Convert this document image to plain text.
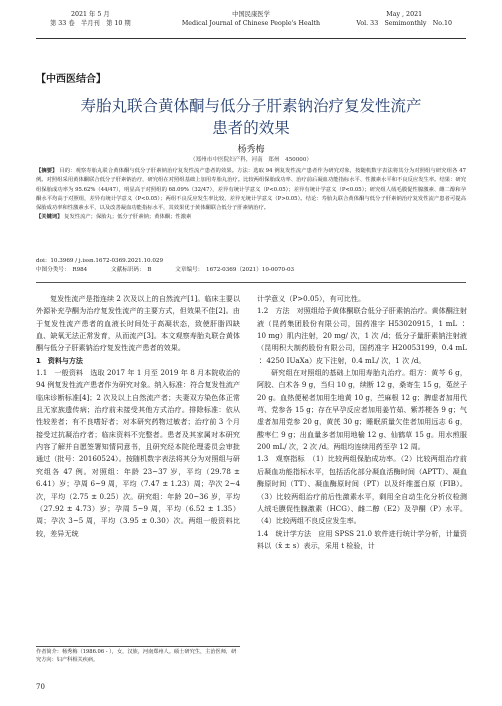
2021 年 5 月
第 33 卷　半月刊　第 10 期
中国民康医学
Medical Journal of Chinese People's Health
May , 2021
Vol. 33　Semimonthly　No.10
【中西医结合】
寿胎丸联合黄体酮与低分子肝素钠治疗复发性流产
患者的效果
杨秀梅
（郑州市中医院妇产科，河南　郑州　450000）
【摘要】 目的：观察寿胎丸联合黄体酮与低分子肝素钠治疗复发性流产患者的效果。方法：选取 94 例复发性流产患者作为研究对象，按随机数字表法将其分为对照组与研究组各 47 例。对照组采用黄体酮联合低分子肝素钠治疗，研究组在对照组基础上加用寿胎丸治疗。比较两组保胎成功率、治疗前后凝血功能指标水平、性激素水平和不良反应发生率。结果：研究组保胎成功率为 95.62%（44/47），明显高于对照组的 68.09%（32/47），差异有统计学意义（P<0.05）；差异有统计学意义（P<0.05）；研究组人绒毛膜促性腺激素、雌二醇和孕酮水平均高于对照组，差异有统计学意义（P<0.05）；两组不良反应发生率比较，差异无统计学意义（P>0.05）。结论：寿胎丸联合黄体酮与低分子肝素钠治疗复发性流产患者可提高保胎成功率和性激素水平，以及改善凝血功能指标水平，其效果优于黄体酮联合低分子肝素钠治疗。
【关键词】 复发性流产；保胎丸；低分子肝素钠；黄体酮；性激素
doi：10.3969 / j.issn.1672-0369.2021.10.029
中图分类号：　R984	文献标识码：　B	文章编号：　1672-0369（2021）10-0070-03

复发性流产是指连续 2 次及以上的自然流产[1]。临床主要以外源补充孕酮为治疗复发性流产的主要方式，但效果不佳[2]。由于复发性流产患者的血液长时间处于高凝状态，致使肝脂四缺血、缺氧无法正常发育，从而流产[3]。本文观察寿胎丸联合黄体酮与低分子肝素钠治疗复发性流产患者的效果。

1　资料与方法

1.1　一般资料　选取 2017 年 1 月至 2019 年 8 月本院收治的 94 例复发性流产患者作为研究对象。纳入标准：符合复发性流产临床诊断标准[4]；2 次及以上自然流产者；夫妻双方染色体正常且无家族遗传病；治疗前未接受其他方式治疗。排除标准：依从性较差者；有不良嗜好者；对本研究药物过敏者；治疗前 3 个月接受过抗凝治疗者；临床资料不完整者。患者及其家属对本研究内容了解并自愿签署知情同意书，且研究经本院伦理委员会审批通过（批号：20160524）。按随机数字表法将其分为对照组与研究组各 47 例。对照组：年龄 23~37 岁，平均（29.78 ± 6.41）岁；孕周 6~9 周，平均（7.47 ± 1.23）周；孕次 2~4 次，平均（2.75 ± 0.25）次。研究组：年龄 20~36 岁，平均（27.92 ± 4.73）岁；孕周 5~9 周，平均（6.52 ± 1.35）周；孕次 3~5 周，平均（3.95 ± 0.30）次。两组一般资料比较，差异无统

计学意义（P>0.05），有可比性。

1.2　方法　对照组给予黄体酮联合低分子肝素钠治疗。黄体酮注射液（昆药集团股份有限公司，国药准字 H53020915，1 mL ∶ 10 mg）肌内注射，20 mg/ 次，1 次 /d；低分子量肝素钠注射液（昆明积大制药股份有限公司，国药准字 H20053199，0.4 mL ∶ 4250 IUaXa）皮下注射，0.4 mL/ 次，1 次 /d。

研究组在对照组的基础上加用寿胎丸治疗。组方：黄芩 6 g，阿胶、白术各 9 g，当归 10 g，续断 12 g，桑寄生 15 g，菟丝子 20 g。血热便秘者加用生地黄 10 g，苎麻根 12 g；脾虚者加用代芎、党参各 15 g；存在早孕反应者加用姜竹茹、紫苏梗各 9 g；气虚者加用党参 20 g，黄芪 30 g；睡眠质量欠佳者加用远志 6 g，酸枣仁 9 g；出血量多者加用地榆 12 g、仙鹤草 15 g。用水煎服 200 mL/ 次，2 次 /d。两组均连续用药至孕 12 周。

1.3　观察指标　（1）比较两组保胎成功率。（2）比较两组治疗前后凝血功能指标水平，包括活化部分凝血活酶时间（APTT）、凝血酶原时间（TT）、凝血酶原时间（PT）以及纤维蛋白原（FIB）。（3）比较两组治疗前后性激素水平，剩用全自动生化分析仪检测人绒毛膜促性腺激素（HCG）、雌二醇（E2）及孕酮（P）水平。（4）比较两组不良反应发生率。

1.4　统计学方法　应用 SPSS 21.0 软件进行统计学分析，计量资料以（x̄ ± s）表示，采用 t 检验，计

作者简介：杨秀梅（1986.06 - ），女，汉族，河南郑州人。硕士研究生，主治医师，研究方向：妇产科相关疾病。
70
